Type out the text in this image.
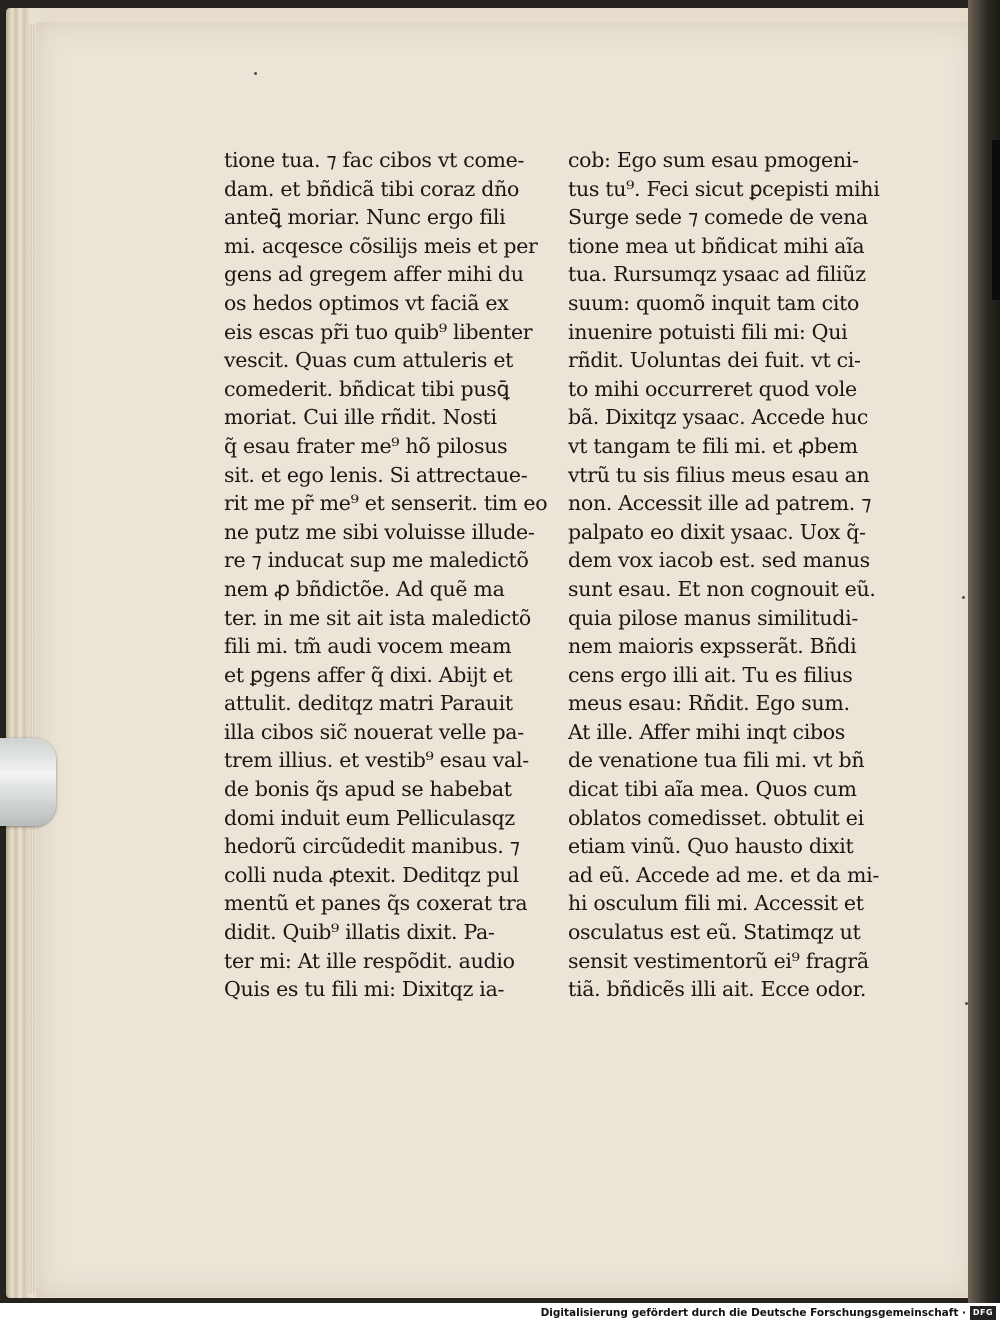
tione tua. ⁊ fac cibos vt come-
dam. et bñdicã tibi coraz dño
anteꝗ̄ moriar. Nunc ergo fili
mi. acqesce cõsilijs meis et per
gens ad gregem affer mihi du
os hedos optimos vt faciã ex
eis escas pr̃i tuo quib⁹ libenter
vescit. Quas cum attuleris et
comederit. bñdicat tibi pusꝗ̄
moriat. Cui ille rñdit. Nosti
q̃ esau frater me⁹ hõ pilosus
sit. et ego lenis. Si attrectaue-
rit me pr̃ me⁹ et senserit. tim eo
ne putz me sibi voluisse illude-
re ⁊ inducat sup me maledictõ
nem ꝓ bñdictõe. Ad quẽ ma
ter. in me sit ait ista maledictõ
fili mi. tm̃ audi vocem meam
et ꝑgens affer q̃ dixi. Abijt et
attulit. deditqz matri Parauit
illa cibos sic̃ nouerat velle pa-
trem illius. et vestib⁹ esau val-
de bonis q̃s apud se habebat
domi induit eum Pelliculasqz
hedorũ circũdedit manibus. ⁊
colli nuda ꝓtexit. Deditqz pul
mentũ et panes q̃s coxerat tra
didit. Quib⁹ illatis dixit. Pa-
ter mi: At ille respõdit. audio
Quis es tu fili mi: Dixitqz ia-
cob: Ego sum esau pmogeni-
tus tu⁹. Feci sicut ꝑcepisti mihi
Surge sede ⁊ comede de vena
tione mea ut bñdicat mihi aĩa
tua. Rursumqz ysaac ad filiũz
suum: quomõ inquit tam cito
inuenire potuisti fili mi: Qui
rñdit. Uoluntas dei fuit. vt ci-
to mihi occurreret quod vole
bã. Dixitqz ysaac. Accede huc
vt tangam te fili mi. et ꝓbem
vtrũ tu sis filius meus esau an
non. Accessit ille ad patrem. ⁊
palpato eo dixit ysaac. Uox q̃-
dem vox iacob est. sed manus
sunt esau. Et non cognouit eũ.
quia pilose manus similitudi-
nem maioris expsserãt. Bñdi
cens ergo illi ait. Tu es filius
meus esau: Rñdit. Ego sum.
At ille. Affer mihi inqt cibos
de venatione tua fili mi. vt bñ
dicat tibi aĩa mea. Quos cum
oblatos comedisset. obtulit ei
etiam vinũ. Quo hausto dixit
ad eũ. Accede ad me. et da mi-
hi osculum fili mi. Accessit et
osculatus est eũ. Statimqz ut
sensit vestimentorũ ei⁹ fragrã
tiã. bñdicẽs illi ait. Ecce odor.
Digitalisierung gefördert durch die Deutsche Forschungsgemeinschaft · DFG
